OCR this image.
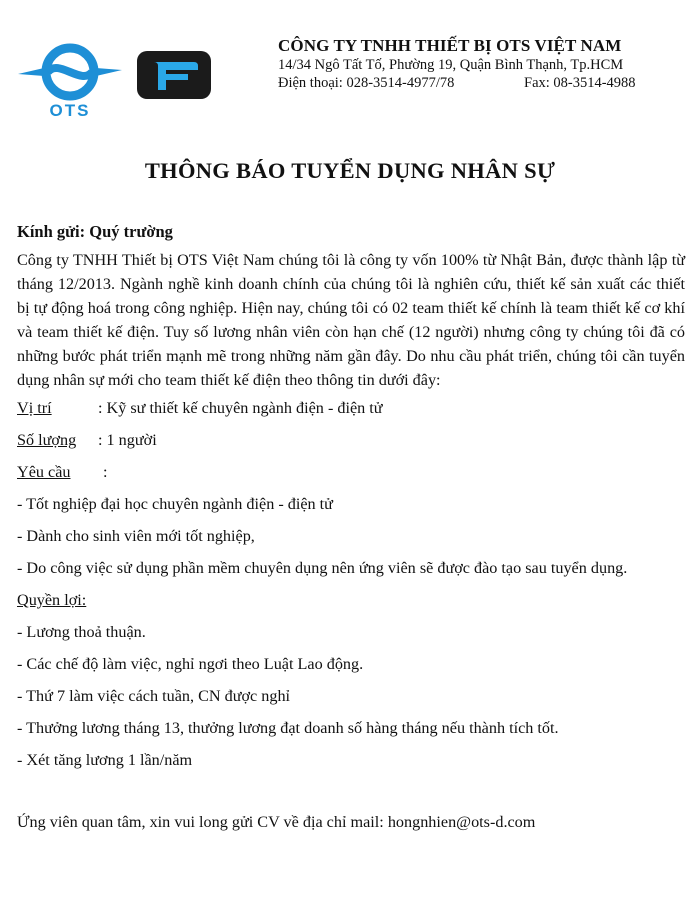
OTS
CÔNG TY TNHH THIẾT BỊ OTS VIỆT NAM
14/34 Ngô Tất Tố, Phường 19, Quận Bình Thạnh, Tp.HCM
Điện thoại: 028-3514-4977/78	Fax: 08-3514-4988
THÔNG BÁO TUYỂN DỤNG NHÂN SỰ
Kính gửi: Quý trường
Công ty TNHH Thiết bị OTS Việt Nam chúng tôi là công ty vốn 100% từ Nhật Bản, được thành lập từ tháng 12/2013. Ngành nghề kinh doanh chính của chúng tôi là nghiên cứu, thiết kế sản xuất các thiết bị tự động hoá trong công nghiệp. Hiện nay, chúng tôi có 02 team thiết kế chính là team thiết kế cơ khí và team thiết kế điện. Tuy số lương nhân viên còn hạn chế (12 người) nhưng công ty chúng tôi đã có những bước phát triển mạnh mẽ trong những năm gần đây. Do nhu cầu phát triển, chúng tôi cần tuyển dụng nhân sự mới cho team thiết kế điện theo thông tin dưới đây:
Vị trí	: Kỹ sư thiết kế chuyên ngành điện - điện tử
Số lượng : 1 người
Yêu cầu :
- Tốt nghiệp đại học chuyên ngành điện - điện tử
- Dành cho sinh viên mới tốt nghiệp,
- Do công việc sử dụng phần mềm chuyên dụng nên ứng viên sẽ được đào tạo sau tuyển dụng.
Quyền lợi:
- Lương thoả thuận.
- Các chế độ làm việc, nghỉ ngơi theo Luật Lao động.
- Thứ 7 làm việc cách tuần, CN được nghỉ
- Thưởng lương tháng 13, thưởng lương đạt doanh số hàng tháng nếu thành tích tốt.
- Xét tăng lương 1 lần/năm
Ứng viên quan tâm, xin vui long gửi CV về địa chỉ mail: hongnhien@ots-d.com
